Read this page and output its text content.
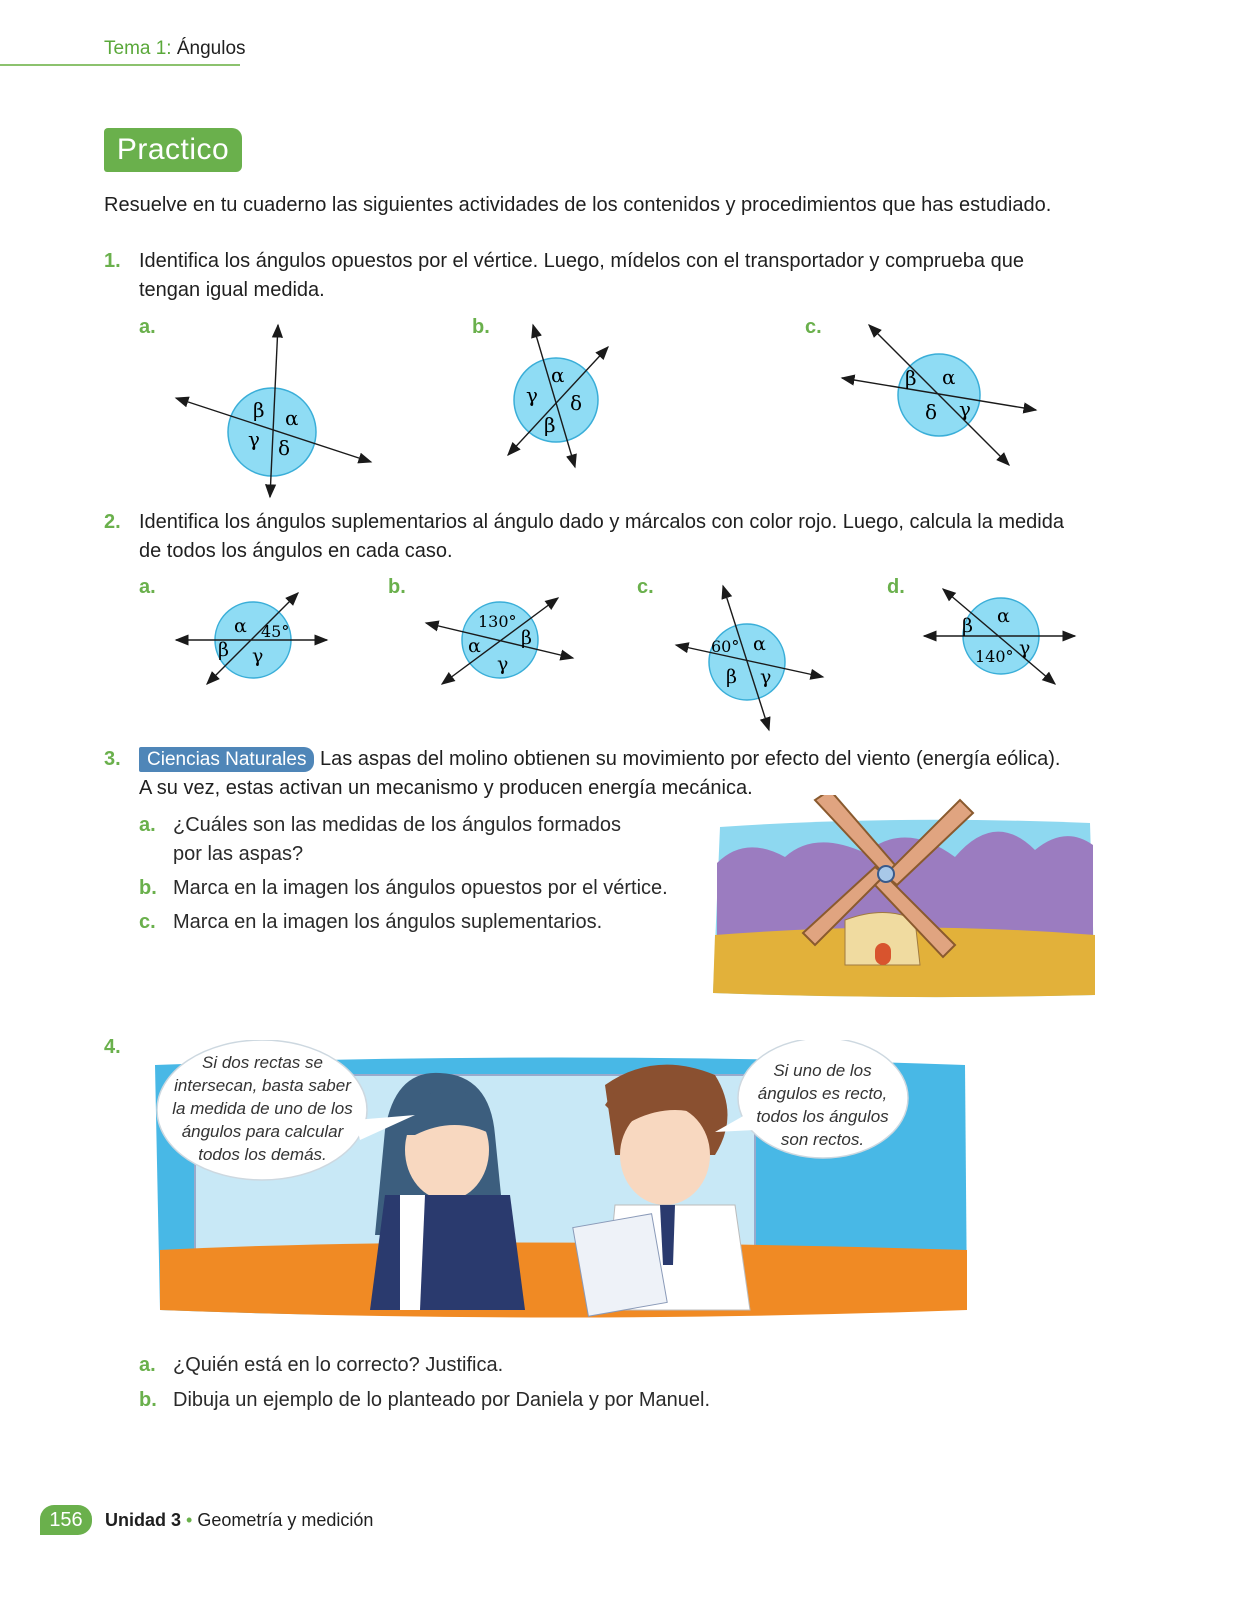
Tema 1: Ángulos
Practico
Resuelve en tu cuaderno las siguientes actividades de los contenidos y procedimientos que has estudiado.
1. Identifica los ángulos opuestos por el vértice. Luego, mídelos con el transportador y comprueba que
tengan igual medida.
a.	b.	c.
β α
γ δ
α
γ δ
β
β α
δ γ
α 45°
β γ
130°
α β
γ
60° α
β γ
β α
140° γ
2. Identifica los ángulos suplementarios al ángulo dado y márcalos con color rojo. Luego, calcula la medida
de todos los ángulos en cada caso.
a.	b.	c.	d.
3.	Ciencias Naturales Las aspas del molino obtienen su movimiento por efecto del viento (energía eólica).
A su vez, estas activan un mecanismo y producen energía mecánica.
a. ¿Cuáles son las medidas de los ángulos formados
por las aspas?
b. Marca en la imagen los ángulos opuestos por el vértice.
c. Marca en la imagen los ángulos suplementarios.
4.
Si dos rectas se
intersecan, basta saber
la medida de uno de los
ángulos para calcular
todos los demás.
Si uno de los
ángulos es recto,
todos los ángulos
son rectos.
a. ¿Quién está en lo correcto? Justifica.
b. Dibuja un ejemplo de lo planteado por Daniela y por Manuel.
156	Unidad 3 • Geometría y medición
